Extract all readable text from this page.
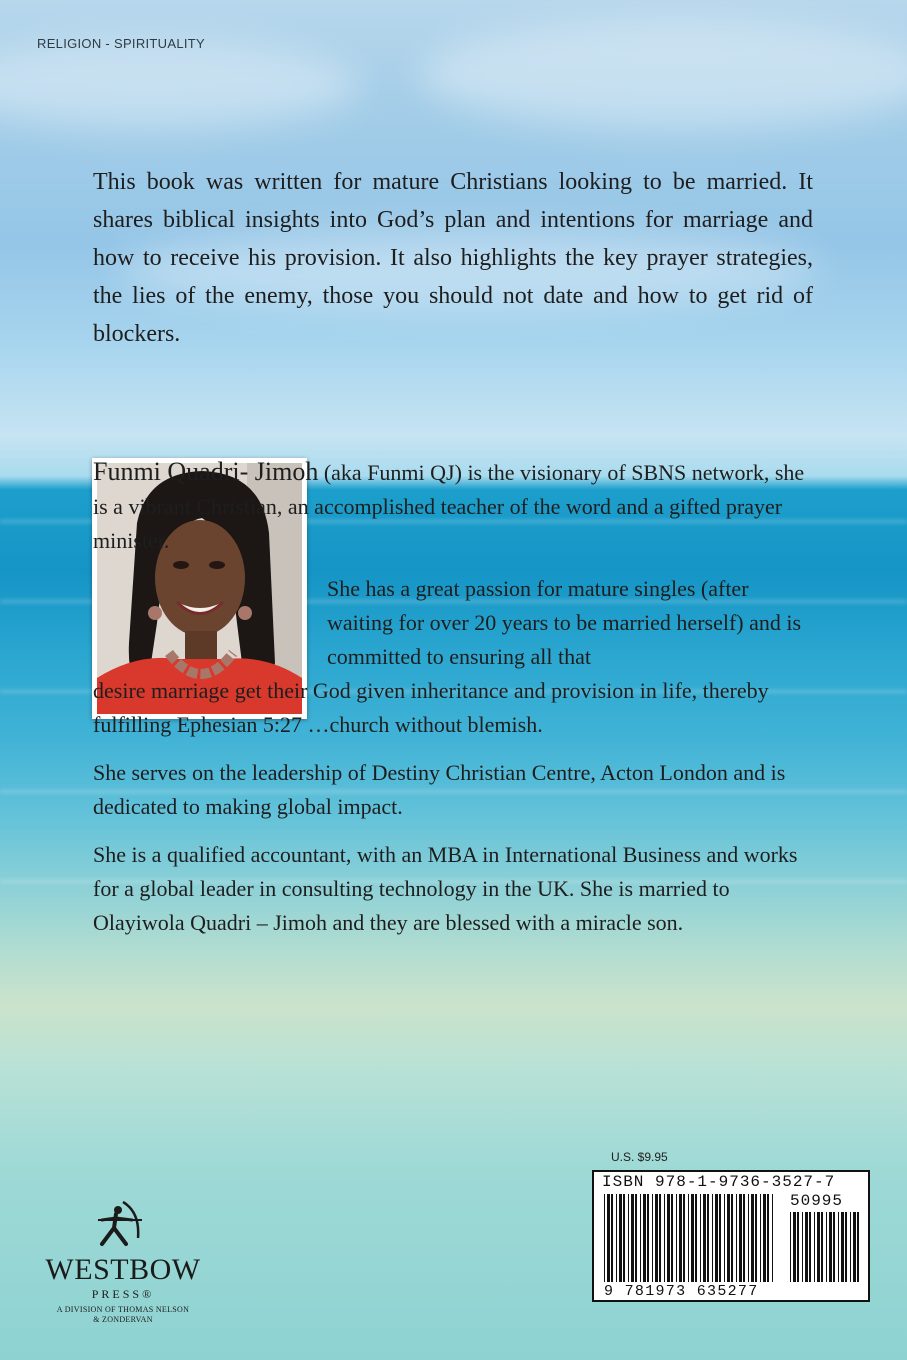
RELIGION - SPIRITUALITY

This book was written for mature Christians looking to be married. It shares biblical insights into God’s plan and intentions for marriage and how to receive his provision. It also highlights the key prayer strategies, the lies of the enemy, those you should not date and how to get rid of blockers.

Funmi Quadri- Jimoh (aka Funmi QJ) is the visionary of SBNS network, she is a vibrant Christian, an accomplished teacher of the word and a gifted prayer minister.

She has a great passion for mature singles (after waiting for over 20 years to be married herself) and is committed to ensuring all that
desire marriage get their God given inheritance and provision in life, thereby fulfilling Ephesian 5:27 …church without blemish.

She serves on the leadership of Destiny Christian Centre, Acton London and is dedicated to making global impact.

She is a qualified accountant, with an MBA in International Business and works for a global leader in consulting technology in the UK. She is married to Olayiwola Quadri – Jimoh and they are blessed with a miracle son.

WESTBOW
PRESS®
A DIVISION OF THOMAS NELSON
& ZONDERVAN
U.S. $9.95
ISBN 978-1-9736-3527-7
50995
9 781973 635277
